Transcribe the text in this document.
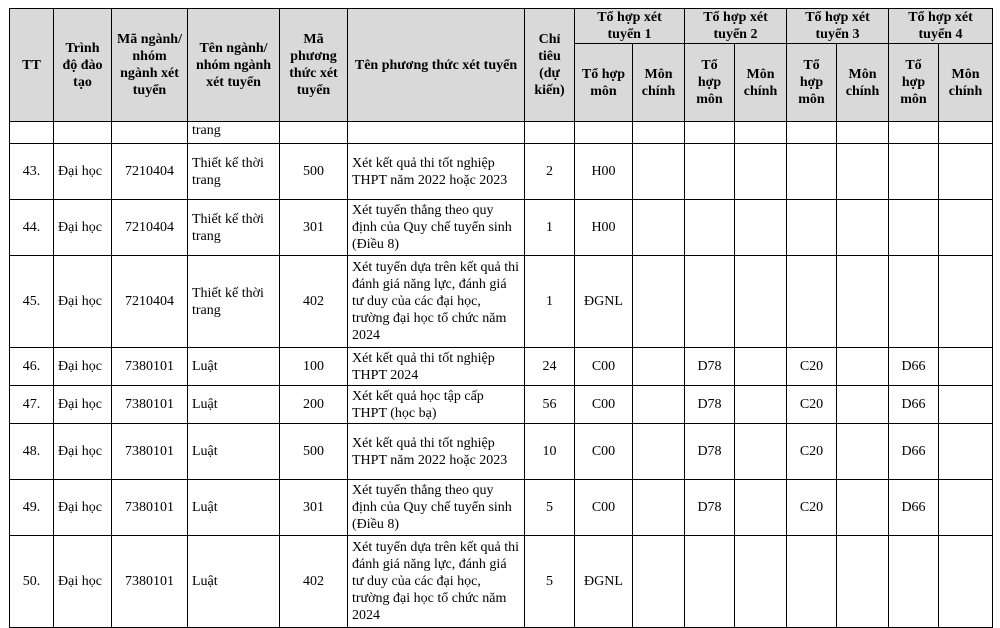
TT	Trình độ đào tạo	Mã ngành/ nhóm ngành xét tuyển	Tên ngành/ nhóm ngành xét tuyển	Mã phương thức xét tuyển	Tên phương thức xét tuyển	Chỉ tiêu (dự kiến)	Tổ hợp xét tuyển 1		Tổ hợp xét tuyển 2		Tổ hợp xét tuyển 3		Tổ hợp xét tuyển 4	
							Tổ hợp môn	Môn chính	Tổ hợp môn	Môn chính	Tổ hợp môn	Môn chính	Tổ hợp môn	Môn chính
			trang											
43.	Đại học	7210404	Thiết kế thời trang	500	Xét kết quả thi tốt nghiệp THPT năm 2022 hoặc 2023	2	H00							
44.	Đại học	7210404	Thiết kế thời trang	301	Xét tuyển thẳng theo quy định của Quy chế tuyển sinh (Điều 8)	1	H00							
45.	Đại học	7210404	Thiết kế thời trang	402	Xét tuyển dựa trên kết quả thi đánh giá năng lực, đánh giá tư duy của các đại học, trường đại học tổ chức năm 2024	1	ĐGNL							
46.	Đại học	7380101	Luật	100	Xét kết quả thi tốt nghiệp THPT 2024	24	C00		D78		C20		D66	
47.	Đại học	7380101	Luật	200	Xét kết quả học tập cấp THPT (học bạ)	56	C00		D78		C20		D66	
48.	Đại học	7380101	Luật	500	Xét kết quả thi tốt nghiệp THPT năm 2022 hoặc 2023	10	C00		D78		C20		D66	
49.	Đại học	7380101	Luật	301	Xét tuyển thẳng theo quy định của Quy chế tuyển sinh (Điều 8)	5	C00		D78		C20		D66	
50.	Đại học	7380101	Luật	402	Xét tuyển dựa trên kết quả thi đánh giá năng lực, đánh giá tư duy của các đại học, trường đại học tổ chức năm 2024	5	ĐGNL							
